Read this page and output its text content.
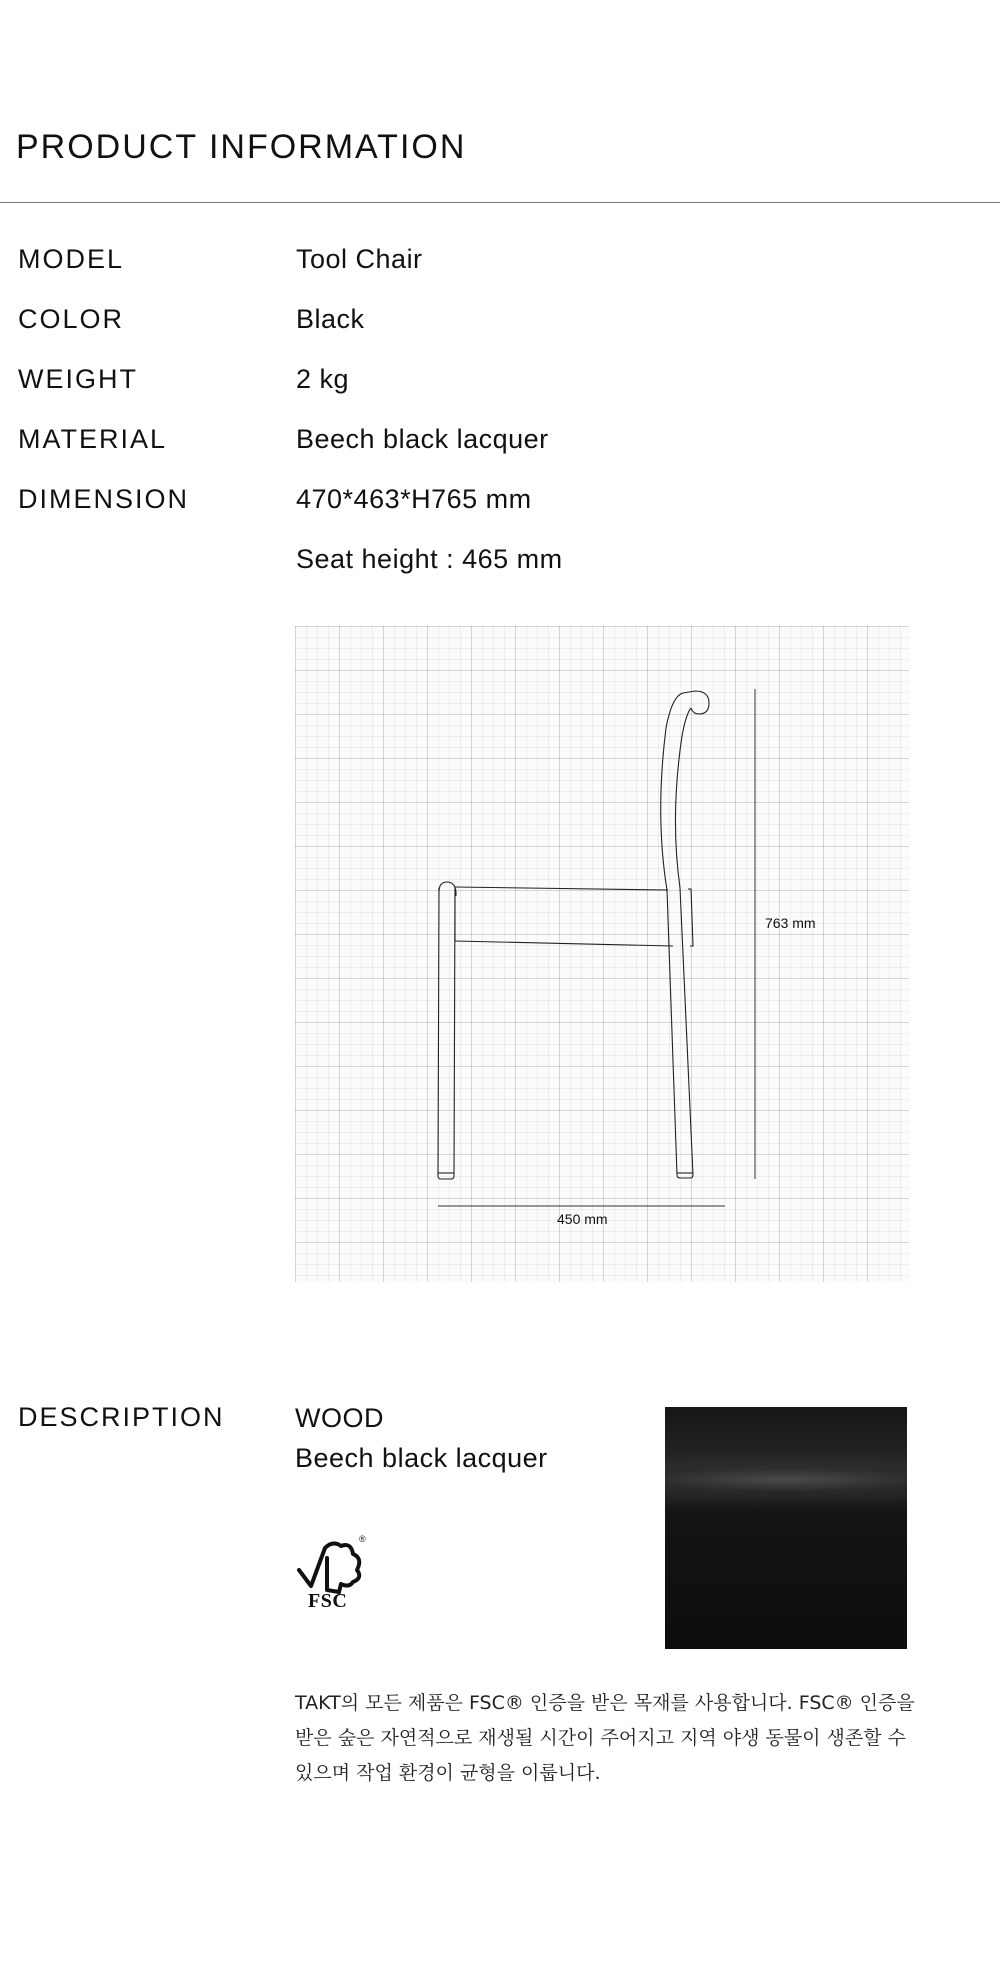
PRODUCT INFORMATION
MODEL	Tool Chair
COLOR	Black
WEIGHT	2 kg
MATERIAL	Beech black lacquer
DIMENSION	470*463*H765 mm
Seat height : 465 mm
763 mm
450 mm
DESCRIPTION	WOOD
Beech black lacquer
®
FSC

TAKT의 모든 제품은 FSC® 인증을 받은 목재를 사용합니다. FSC® 인증을 받은 숲은 자연적으로 재생될 시간이 주어지고 지역 야생 동물이 생존할 수 있으며 작업 환경이 균형을 이룹니다.
